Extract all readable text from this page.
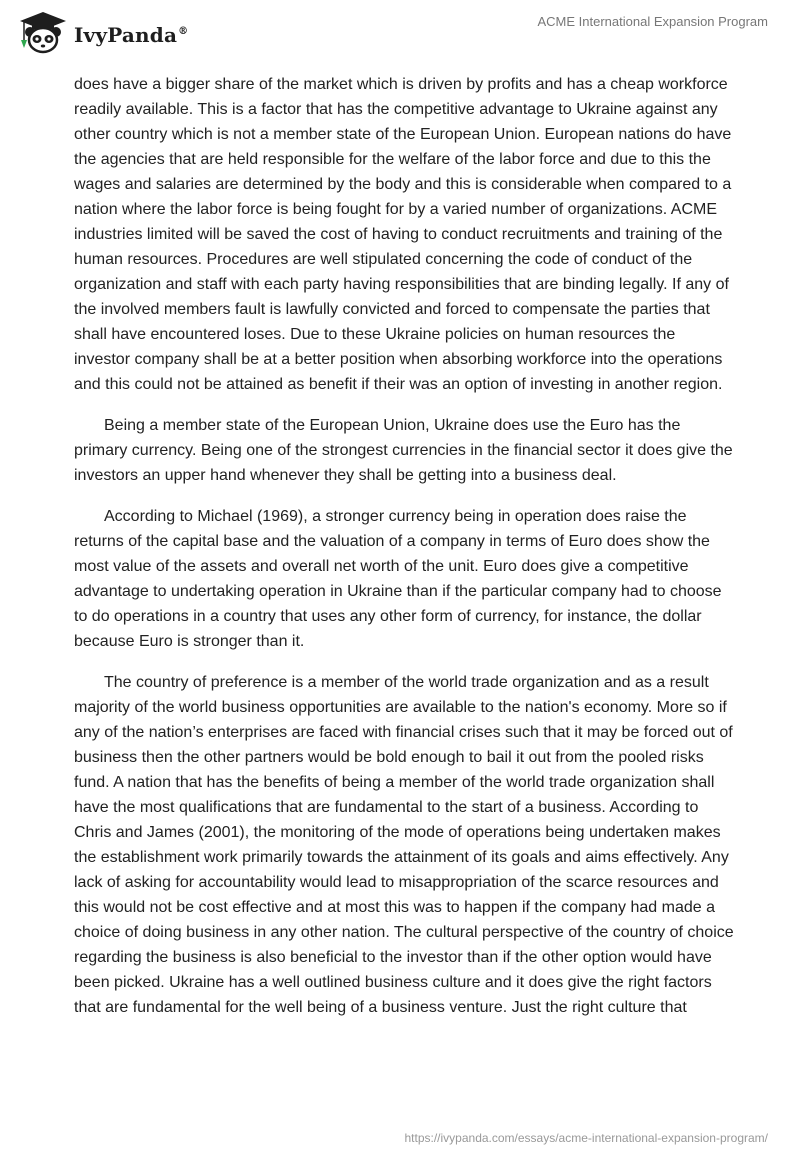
IvyPanda®
ACME International Expansion Program

does have a bigger share of the market which is driven by profits and has a cheap workforce readily available. This is a factor that has the competitive advantage to Ukraine against any other country which is not a member state of the European Union. European nations do have the agencies that are held responsible for the welfare of the labor force and due to this the wages and salaries are determined by the body and this is considerable when compared to a nation where the labor force is being fought for by a varied number of organizations. ACME industries limited will be saved the cost of having to conduct recruitments and training of the human resources. Procedures are well stipulated concerning the code of conduct of the organization and staff with each party having responsibilities that are binding legally. If any of the involved members fault is lawfully convicted and forced to compensate the parties that shall have encountered loses. Due to these Ukraine policies on human resources the investor company shall be at a better position when absorbing workforce into the operations and this could not be attained as benefit if their was an option of investing in another region.

Being a member state of the European Union, Ukraine does use the Euro has the primary currency. Being one of the strongest currencies in the financial sector it does give the investors an upper hand whenever they shall be getting into a business deal.

According to Michael (1969), a stronger currency being in operation does raise the returns of the capital base and the valuation of a company in terms of Euro does show the most value of the assets and overall net worth of the unit. Euro does give a competitive advantage to undertaking operation in Ukraine than if the particular company had to choose to do operations in a country that uses any other form of currency, for instance, the dollar because Euro is stronger than it.

The country of preference is a member of the world trade organization and as a result majority of the world business opportunities are available to the nation's economy. More so if any of the nation’s enterprises are faced with financial crises such that it may be forced out of business then the other partners would be bold enough to bail it out from the pooled risks fund. A nation that has the benefits of being a member of the world trade organization shall have the most qualifications that are fundamental to the start of a business. According to Chris and James (2001), the monitoring of the mode of operations being undertaken makes the establishment work primarily towards the attainment of its goals and aims effectively. Any lack of asking for accountability would lead to misappropriation of the scarce resources and this would not be cost effective and at most this was to happen if the company had made a choice of doing business in any other nation. The cultural perspective of the country of choice regarding the business is also beneficial to the investor than if the other option would have been picked. Ukraine has a well outlined business culture and it does give the right factors that are fundamental for the well being of a business venture. Just the right culture that

https://ivypanda.com/essays/acme-international-expansion-program/
